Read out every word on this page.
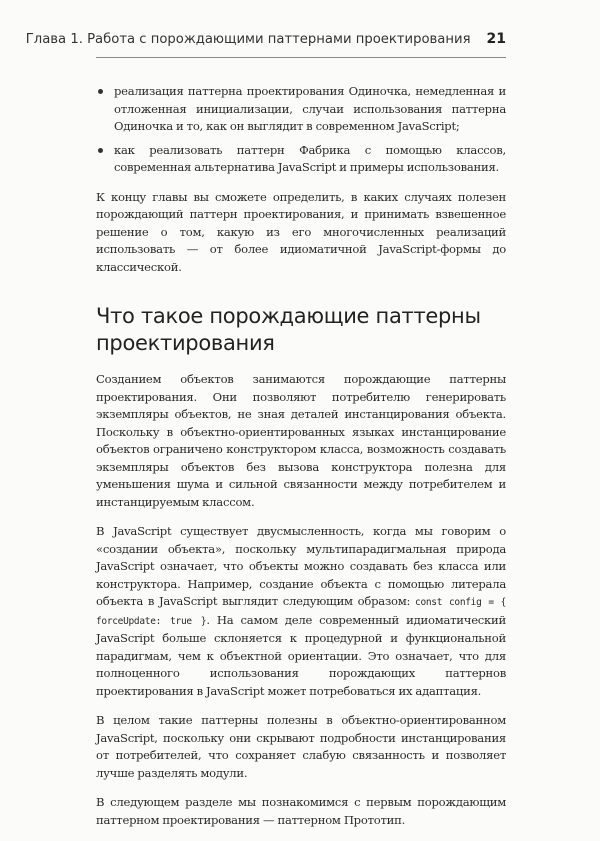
Глава 1. Работа с порождающими паттернами проектирования 21
реализация паттерна проектирования Одиночка, немедленная и отложенная инициализации, случаи использования паттерна Одиночка и то, как он выглядит в современном JavaScript;
как реализовать паттерн Фабрика с помощью классов, современная альтернатива JavaScript и примеры использования.

К концу главы вы сможете определить, в каких случаях полезен порождающий паттерн проектирования, и принимать взвешенное решение о том, какую из его многочисленных реализаций использовать — от более идиоматичной JavaScript-формы до классической.

Что такое порождающие паттерны проектирования

Созданием объектов занимаются порождающие паттерны проектирования. Они позволяют потребителю генерировать экземпляры объектов, не зная деталей инстанцирования объекта. Поскольку в объектно-ориентированных языках инстанцирование объектов ограничено конструктором класса, возможность создавать экземпляры объектов без вызова конструктора полезна для уменьшения шума и сильной связанности между потребителем и инстанцируемым классом.

В JavaScript существует двусмысленность, когда мы говорим о «создании объекта», поскольку мультипарадигмальная природа JavaScript означает, что объекты можно создавать без класса или конструктора. Например, создание объекта с помощью литерала объекта в JavaScript выглядит следующим образом: const config = { forceUpdate: true }. На самом деле современный идиоматический JavaScript больше склоняется к процедурной и функциональной парадигмам, чем к объектной ориентации. Это означает, что для полноценного использования порождающих паттернов проектирования в JavaScript может потребоваться их адаптация.

В целом такие паттерны полезны в объектно-ориентированном JavaScript, поскольку они скрывают подробности инстанцирования от потребителей, что сохраняет слабую связанность и позволяет лучше разделять модули.

В следующем разделе мы познакомимся с первым порождающим паттерном проектирования — паттерном Прототип.
